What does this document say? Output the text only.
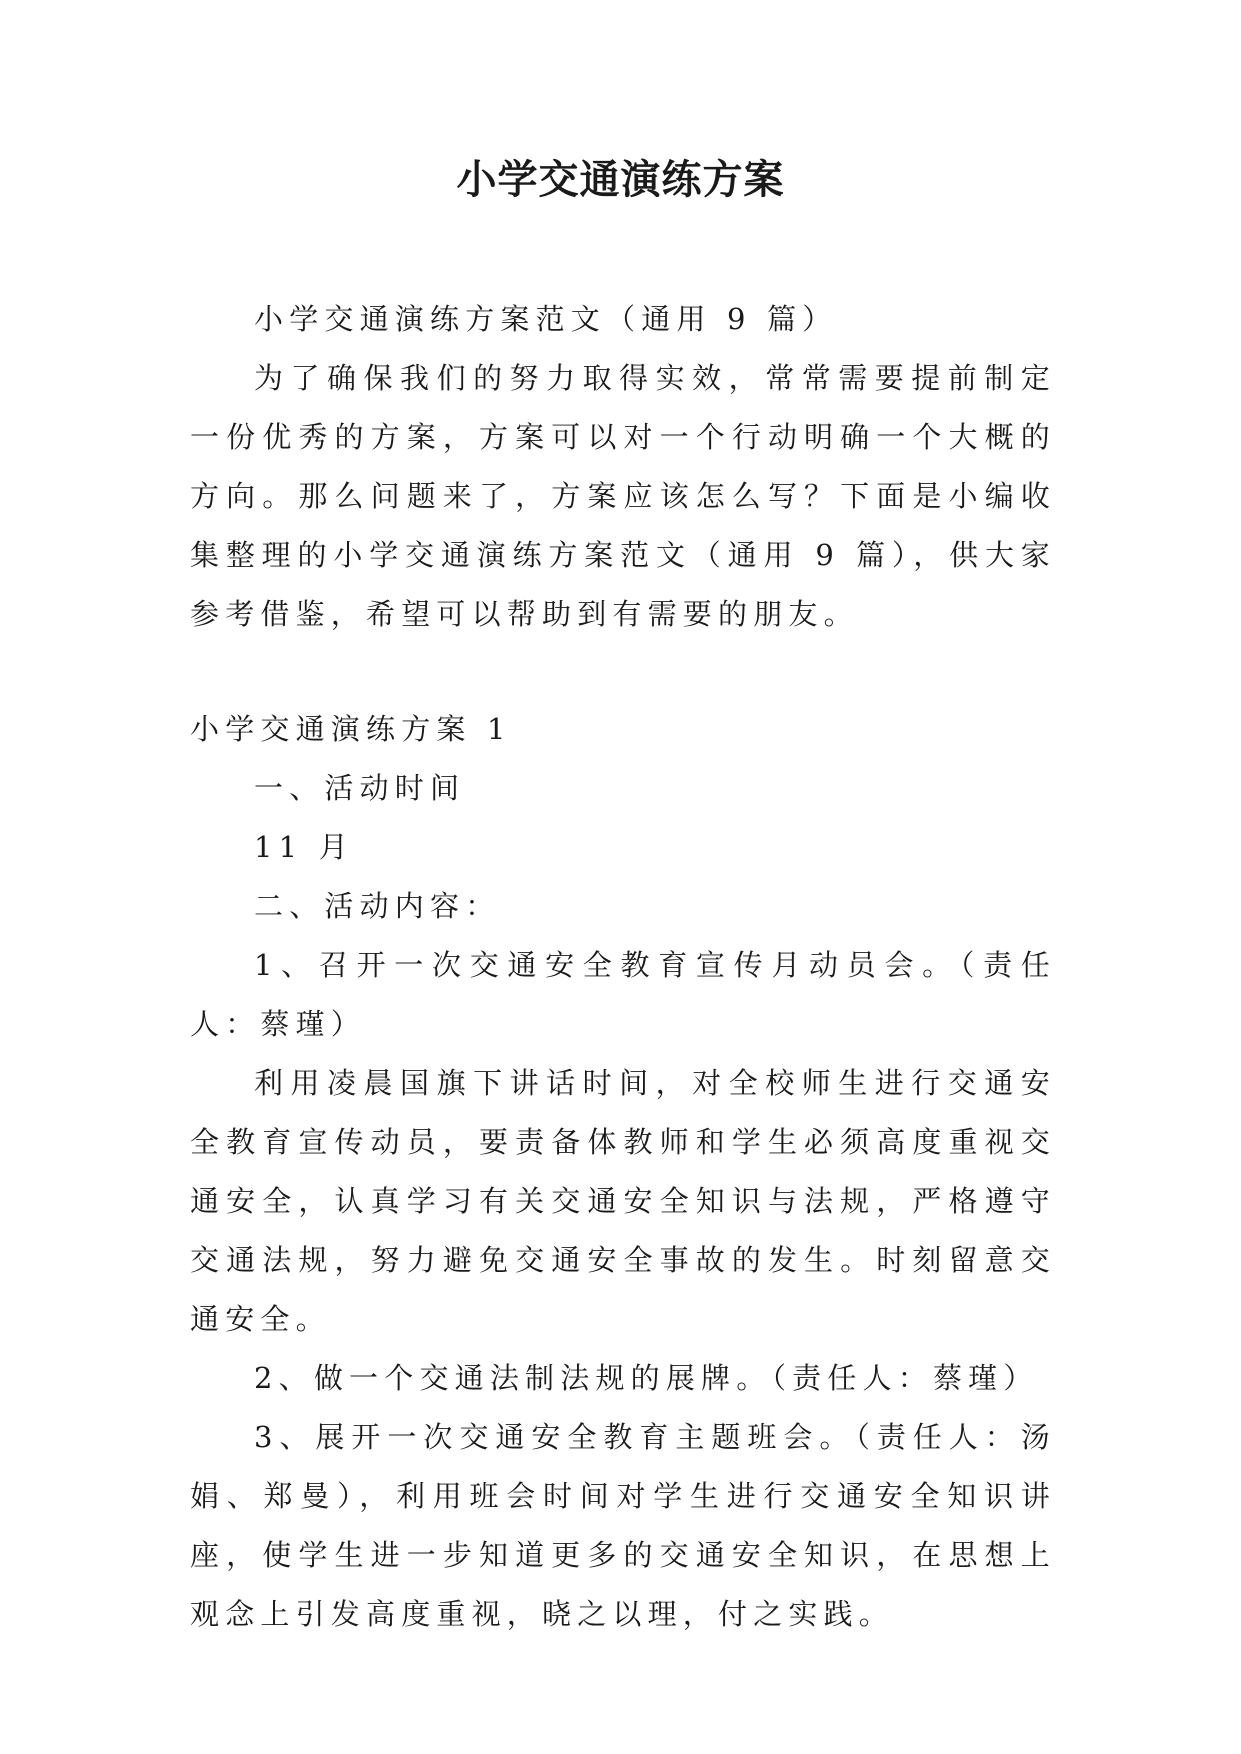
小学交通演练方案

小学交通演练方案范文（通用 9 篇）

为了确保我们的努力取得实效，常常需要提前制定一份优秀的方案，方案可以对一个行动明确一个大概的方向。那么问题来了，方案应该怎么写？下面是小编收集整理的小学交通演练方案范文（通用 9 篇），供大家参考借鉴，希望可以帮助到有需要的朋友。

小学交通演练方案 1

一、活动时间

11 月

二、活动内容：

1、召开一次交通安全教育宣传月动员会。（责任人：蔡瑾）

利用凌晨国旗下讲话时间，对全校师生进行交通安全教育宣传动员，要责备体教师和学生必须高度重视交通安全，认真学习有关交通安全知识与法规，严格遵守交通法规，努力避免交通安全事故的发生。时刻留意交通安全。

2、做一个交通法制法规的展牌。（责任人：蔡瑾）

3、展开一次交通安全教育主题班会。（责任人：汤娟、郑曼），利用班会时间对学生进行交通安全知识讲座，使学生进一步知道更多的交通安全知识，在思想上观念上引发高度重视，晓之以理，付之实践。
